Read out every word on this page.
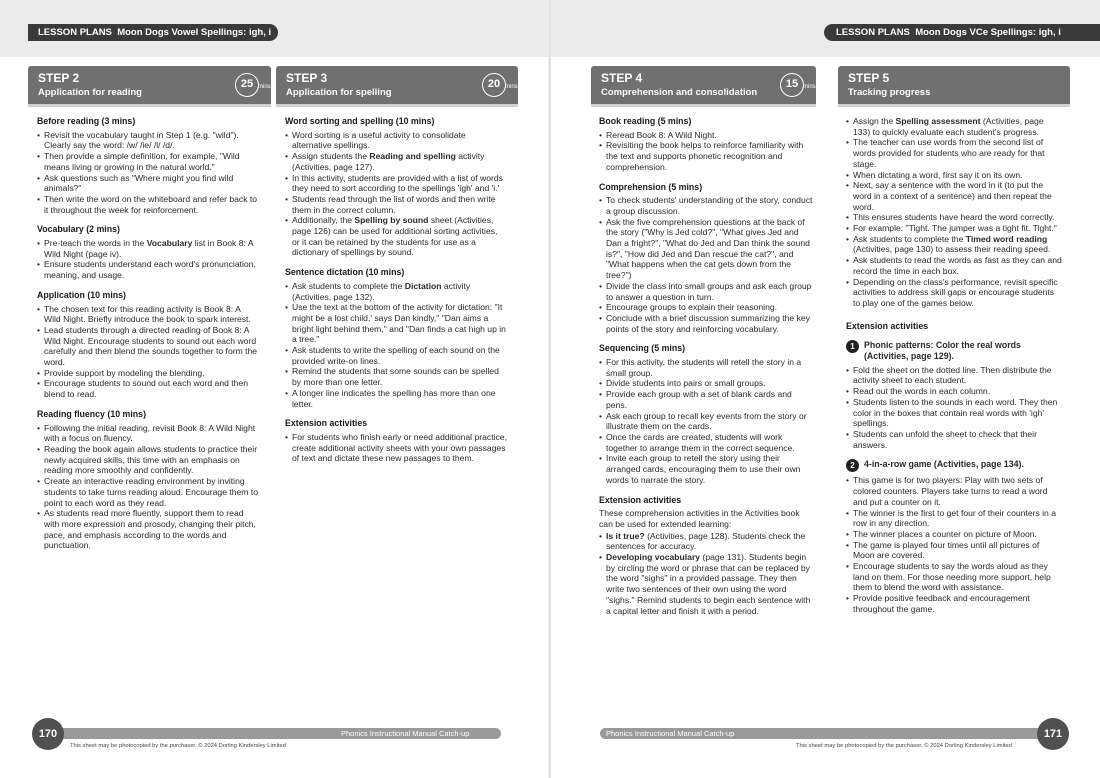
LESSON PLANS Moon Dogs Vowel Spellings: igh, i
STEP 2
Application for reading
25 mins
STEP 3
Application for spelling
20 mins
Before reading (3 mins)
• Revisit the vocabulary taught in Step 1 (e.g. "wild"). Clearly say the word: /w/ /ie/ /l/ /d/.
• Then provide a simple definition, for example, "Wild means living or growing in the natural world."
• Ask questions such as "Where might you find wild animals?"
• Then write the word on the whiteboard and refer back to it throughout the week for reinforcement.
Vocabulary (2 mins)
• Pre-teach the words in the Vocabulary list in Book 8: A Wild Night (page iv).
• Ensure students understand each word's pronunciation, meaning, and usage.
Application (10 mins)
• The chosen text for this reading activity is Book 8: A Wild Night. Briefly introduce the book to spark interest.
• Lead students through a directed reading of Book 8: A Wild Night. Encourage students to sound out each word carefully and then blend the sounds together to form the word.
• Provide support by modeling the blending.
• Encourage students to sound out each word and then blend to read.
Reading fluency (10 mins)
• Following the initial reading, revisit Book 8: A Wild Night with a focus on fluency.
• Reading the book again allows students to practice their newly acquired skills, this time with an emphasis on reading more smoothly and confidently.
• Create an interactive reading environment by inviting students to take turns reading aloud. Encourage them to point to each word as they read.
• As students read more fluently, support them to read with more expression and prosody, changing their pitch, pace, and emphasis according to the words and punctuation.
Word sorting and spelling (10 mins)
• Word sorting is a useful activity to consolidate alternative spellings.
• Assign students the Reading and spelling activity (Activities, page 127).
• In this activity, students are provided with a list of words they need to sort according to the spellings 'igh' and 'i.'
• Students read through the list of words and then write them in the correct column.
• Additionally, the Spelling by sound sheet (Activities, page 126) can be used for additional sorting activities, or it can be retained by the students for use as a dictionary of spellings by sound.
Sentence dictation (10 mins)
• Ask students to complete the Dictation activity (Activities, page 132).
• Use the text at the bottom of the activity for dictation: "It might be a lost child,' says Dan kindly," "Dan aims a bright light behind them," and "Dan finds a cat high up in a tree."
• Ask students to write the spelling of each sound on the provided write-on lines.
• Remind the students that some sounds can be spelled by more than one letter.
• A longer line indicates the spelling has more than one letter.
Extension activities
• For students who finish early or need additional practice, create additional activity sheets with your own passages of text and dictate these new passages to them.
Phonics Instructional Manual Catch-up
170
This sheet may be photocopied by the purchaser. © 2024 Dorling Kindersley Limited
LESSON PLANS Moon Dogs VCe Spellings: igh, i
STEP 4
Comprehension and consolidation
15 mins
STEP 5
Tracking progress
Book reading (5 mins)
• Reread Book 8: A Wild Night.
• Revisiting the book helps to reinforce familiarity with the text and supports phonetic recognition and comprehension.
Comprehension (5 mins)
• To check students' understanding of the story, conduct a group discussion.
• Ask the five comprehension questions at the back of the story ("Why is Jed cold?", "What gives Jed and Dan a fright?", "What do Jed and Dan think the sound is?", "How did Jed and Dan rescue the cat?", and "What happens when the cat gets down from the tree?")
• Divide the class into small groups and ask each group to answer a question in turn.
• Encourage groups to explain their reasoning.
• Conclude with a brief discussion summarizing the key points of the story and reinforcing vocabulary.
Sequencing (5 mins)
• For this activity, the students will retell the story in a small group.
• Divide students into pairs or small groups.
• Provide each group with a set of blank cards and pens.
• Ask each group to recall key events from the story or illustrate them on the cards.
• Once the cards are created, students will work together to arrange them in the correct sequence.
• Invite each group to retell the story using their arranged cards, encouraging them to use their own words to narrate the story.
Extension activities

These comprehension activities in the Activities book can be used for extended learning:

• Is it true? (Activities, page 128). Students check the sentences for accuracy.
• Developing vocabulary (page 131). Students begin by circling the word or phrase that can be replaced by the word "sighs" in a provided passage. They then write two sentences of their own using the word "sighs." Remind students to begin each sentence with a capital letter and finish it with a period.
• Assign the Spelling assessment (Activities, page 133) to quickly evaluate each student's progress.
• The teacher can use words from the second list of words provided for students who are ready for that stage.
• When dictating a word, first say it on its own.
• Next, say a sentence with the word in it (to put the word in a context of a sentence) and then repeat the word.
• This ensures students have heard the word correctly.
• For example: "Tight. The jumper was a tight fit. Tight."
• Ask students to complete the Timed word reading (Activities, page 130) to assess their reading speed.
• Ask students to read the words as fast as they can and record the time in each box.
• Depending on the class's performance, revisit specific activities to address skill gaps or encourage students to play one of the games below.
Extension activities
1	Phonic patterns: Color the real words (Activities, page 129).
• Fold the sheet on the dotted line. Then distribute the activity sheet to each student.
• Read out the words in each column.
• Students listen to the sounds in each word. They then color in the boxes that contain real words with 'igh' spellings.
• Students can unfold the sheet to check that their answers.
2	4-in-a-row game (Activities, page 134).
• This game is for two players: Play with two sets of colored counters. Players take turns to read a word and put a counter on it.
• The winner is the first to get four of their counters in a row in any direction.
• The winner places a counter on picture of Moon.
• The game is played four times until all pictures of Moon are covered.
• Encourage students to say the words aloud as they land on them. For those needing more support, help them to blend the word with assistance.
• Provide positive feedback and encouragement throughout the game.
Phonics Instructional Manual Catch-up	171
This sheet may be photocopied by the purchaser. © 2024 Dorling Kindersley Limited
